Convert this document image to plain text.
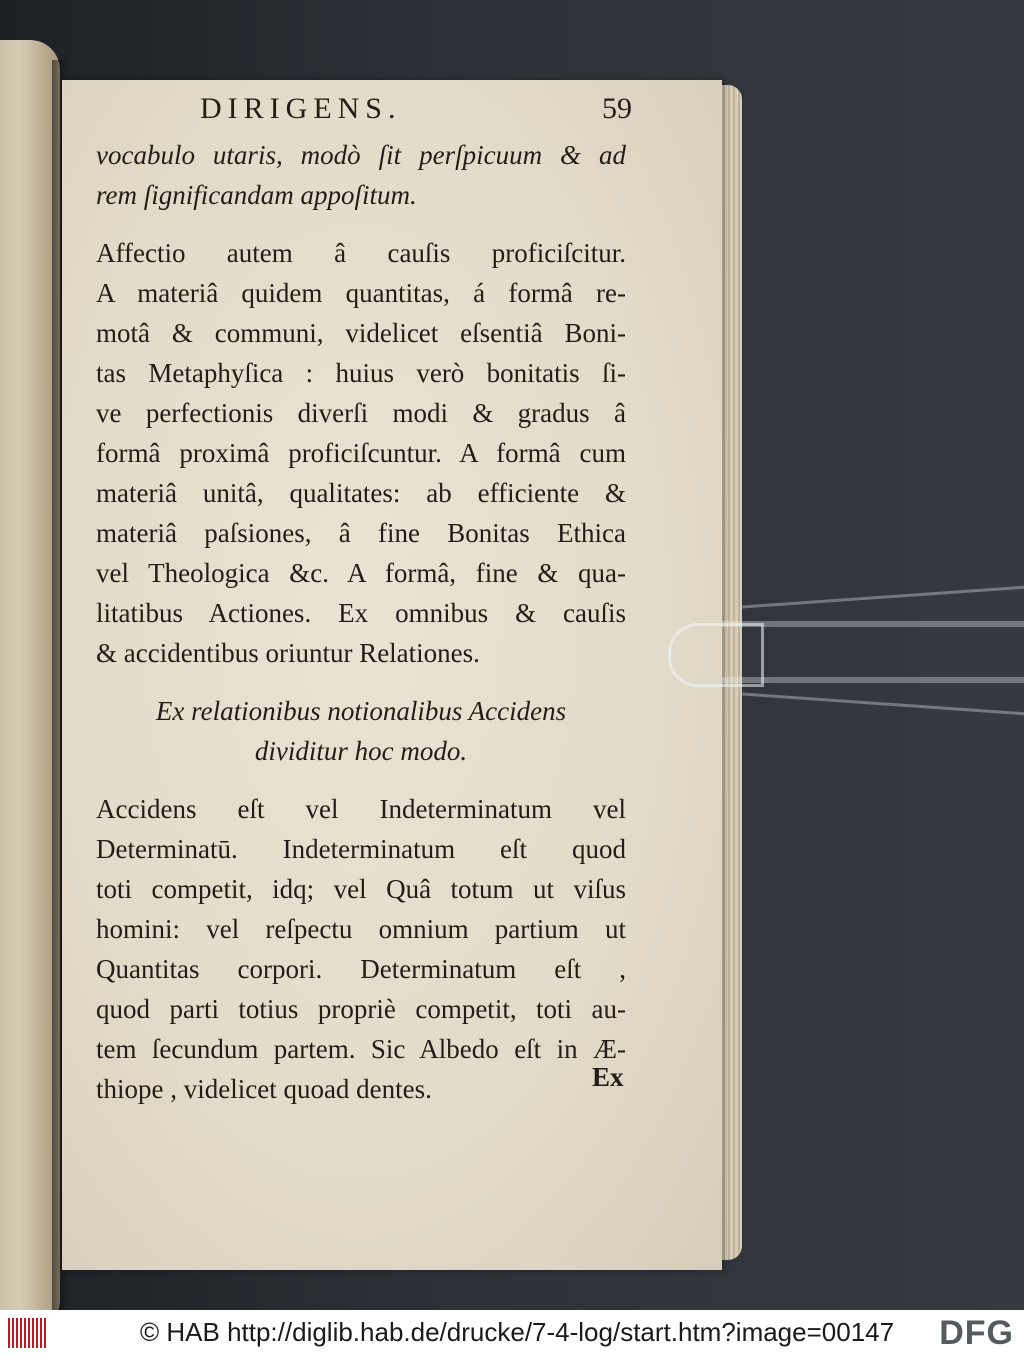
DIRIGENS.	59
vocabulo utaris, modò ſit perſpicuum & ad
rem ſignificandam appoſitum.
Affectio autem â cauſis proficiſcitur.
A materiâ quidem quantitas, á formâ re-
motâ & communi, videlicet eſsentiâ Boni-
tas Metaphyſica : huius verò bonitatis ſi-
ve perfectionis diverſi modi & gradus â
formâ proximâ proficiſcuntur. A formâ cum
materiâ unitâ, qualitates: ab efficiente &
materiâ paſsiones, â fine Bonitas Ethica
vel Theologica &c. A formâ, fine & qua-
litatibus Actiones. Ex omnibus & cauſis
& accidentibus oriuntur Relationes.
Ex relationibus notionalibus Accidens
dividitur hoc modo.
Accidens eſt vel Indeterminatum vel
Determinatū. Indeterminatum eſt quod
toti competit, idq; vel Quâ totum ut viſus
homini: vel reſpectu omnium partium ut
Quantitas corpori. Determinatum eſt ,
quod parti totius propriè competit, toti au-
tem ſecundum partem. Sic Albedo eſt in Æ-
thiope , videlicet quoad dentes.	Ex
© HAB http://diglib.hab.de/drucke/7-4-log/start.htm?image=00147 DFG
